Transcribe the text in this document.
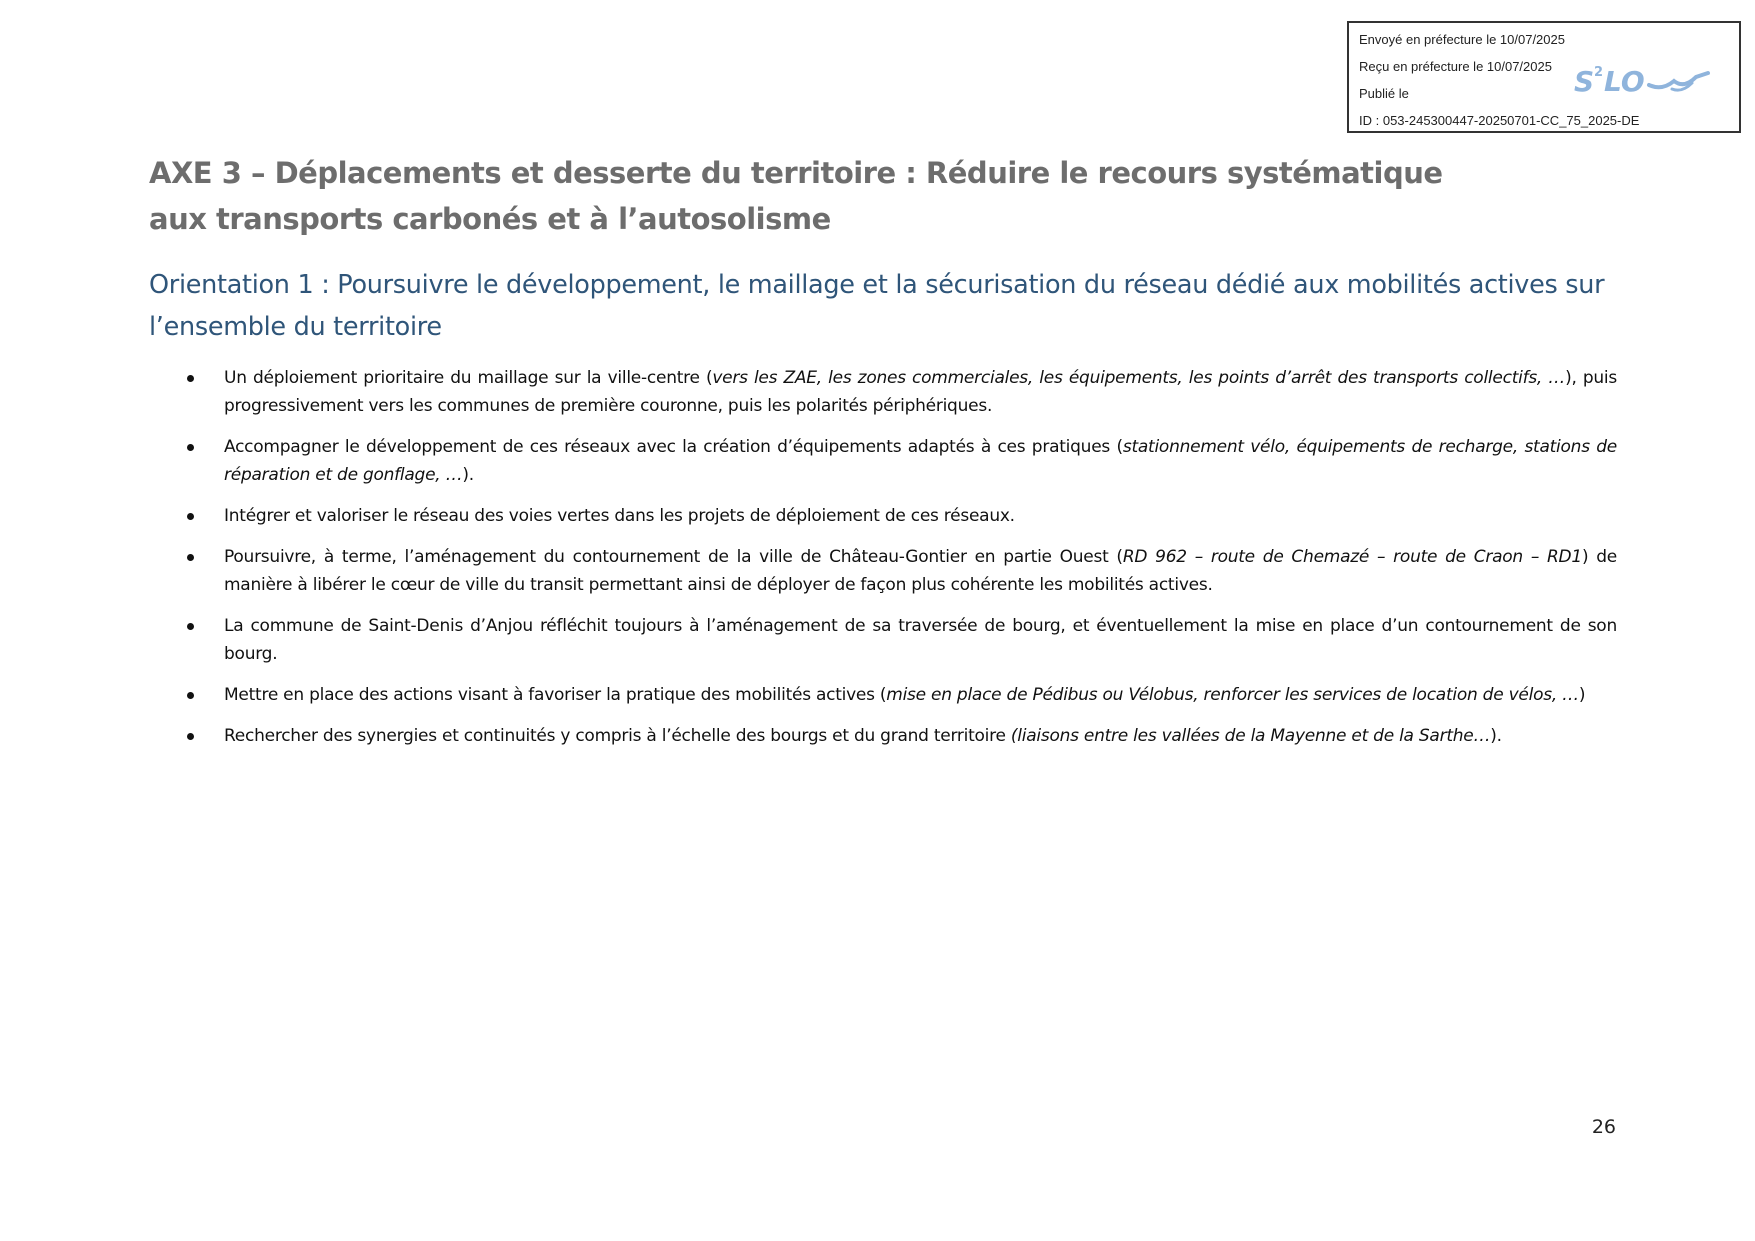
Envoyé en préfecture le 10/07/2025
Reçu en préfecture le 10/07/2025
Publié le
ID : 053-245300447-20250701-CC_75_2025-DE
S 2 LO
AXE 3 – Déplacements et desserte du territoire : Réduire le recours systématique aux transports carbonés et à l’autosolisme
Orientation 1 : Poursuivre le développement, le maillage et la sécurisation du réseau dédié aux mobilités actives sur l’ensemble du territoire
Un déploiement prioritaire du maillage sur la ville-centre (vers les ZAE, les zones commerciales, les équipements, les points d’arrêt des transports collectifs, …), puis progressivement vers les communes de première couronne, puis les polarités périphériques.
Accompagner le développement de ces réseaux avec la création d’équipements adaptés à ces pratiques (stationnement vélo, équipements de recharge, stations de réparation et de gonflage, …).
Intégrer et valoriser le réseau des voies vertes dans les projets de déploiement de ces réseaux.
Poursuivre, à terme, l’aménagement du contournement de la ville de Château-Gontier en partie Ouest (RD 962 – route de Chemazé – route de Craon – RD1) de manière à libérer le cœur de ville du transit permettant ainsi de déployer de façon plus cohérente les mobilités actives.
La commune de Saint-Denis d’Anjou réfléchit toujours à l’aménagement de sa traversée de bourg, et éventuellement la mise en place d’un contournement de son bourg.
Mettre en place des actions visant à favoriser la pratique des mobilités actives (mise en place de Pédibus ou Vélobus, renforcer les services de location de vélos, …)
Rechercher des synergies et continuités y compris à l’échelle des bourgs et du grand territoire (liaisons entre les vallées de la Mayenne et de la Sarthe…).
26
